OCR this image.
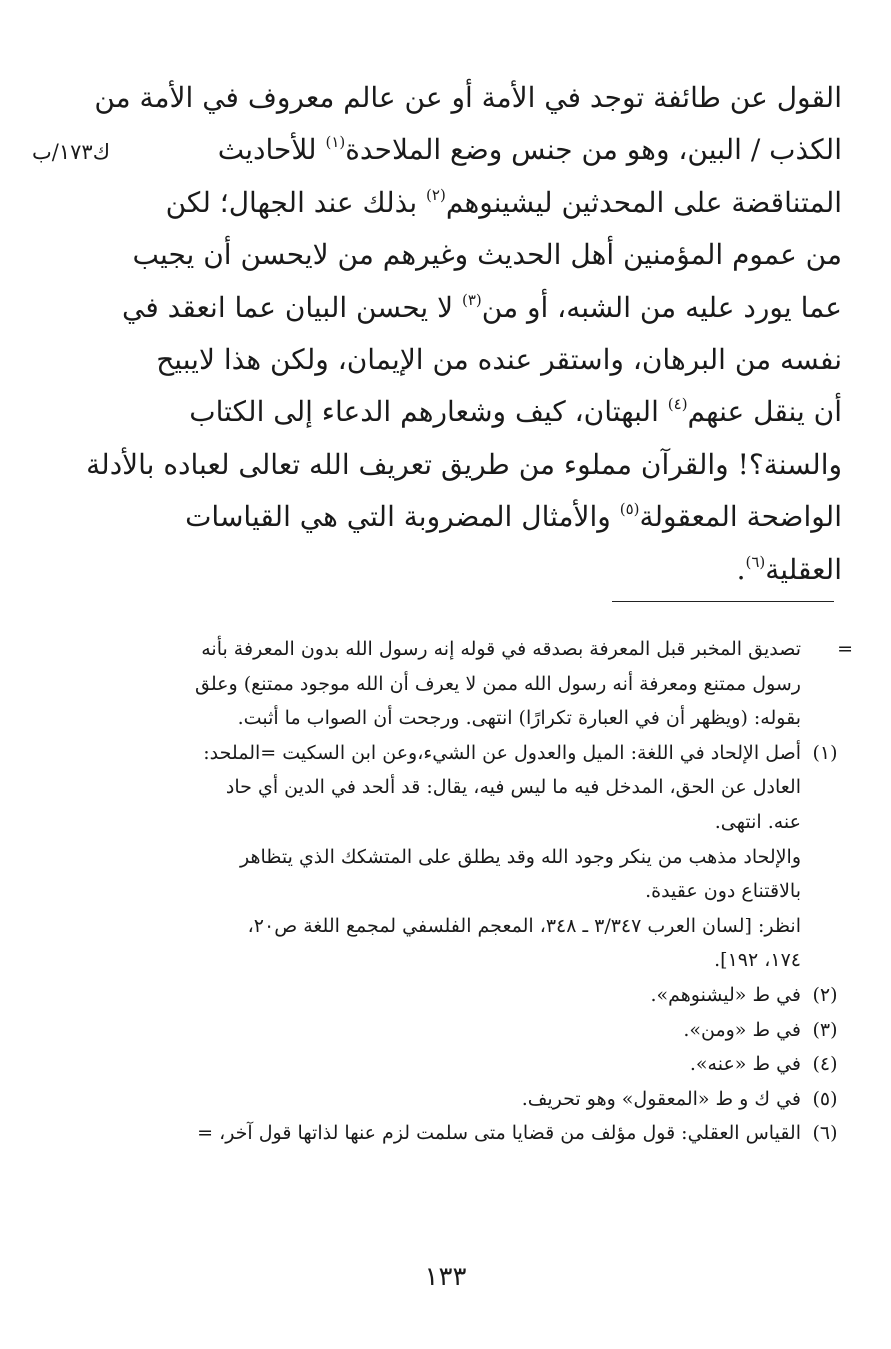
ك١٧٣/ب
القول عن طائفة توجد في الأمة أو عن عالم معروف في الأمة من
الكذب / البين، وهو من جنس وضع الملاحدة$^{(١)}$ للأحاديث
المتناقضة على المحدثين ليشينوهم$^{(٢)}$ بذلك عند الجهال؛ لكن
من عموم المؤمنين أهل الحديث وغيرهم من لايحسن أن يجيب
عما يورد عليه من الشبه، أو من$^{(٣)}$ لا يحسن البيان عما انعقد في
نفسه من البرهان، واستقر عنده من الإيمان، ولكن هذا لايبيح
أن ينقل عنهم$^{(٤)}$ البهتان، كيف وشعارهم الدعاء إلى الكتاب
والسنة؟! والقرآن مملوء من طريق تعريف الله تعالى لعباده بالأدلة
الواضحة المعقولة$^{(٥)}$ والأمثال المضروبة التي هي القياسات
العقلية$^{(٦)}$.
=
تصديق المخبر قبل المعرفة بصدقه في قوله إنه رسول الله بدون المعرفة بأنه
رسول ممتنع ومعرفة أنه رسول الله ممن لا يعرف أن الله موجود ممتنع) وعلق
بقوله: (ويظهر أن في العبارة تكرارًا) انتهى. ورجحت أن الصواب ما أثبت.
(١)
أصل الإلحاد في اللغة: الميل والعدول عن الشيء،وعن ابن السكيت =الملحد:
العادل عن الحق، المدخل فيه ما ليس فيه، يقال: قد ألحد في الدين أي حاد
عنه. انتهى.
والإلحاد مذهب من ينكر وجود الله وقد يطلق على المتشكك الذي يتظاهر
بالاقتناع دون عقيدة.
انظر: [لسان العرب ٣/٣٤٧ ـ ٣٤٨، المعجم الفلسفي لمجمع اللغة ص٢٠،
١٧٤، ١٩٢].
(٢)
في ط «ليشنوهم».
(٣)
في ط «ومن».
(٤)
في ط «عنه».
(٥)
في ك و ط «المعقول» وهو تحريف.
(٦)
القياس العقلي: قول مؤلف من قضايا متى سلمت لزم عنها لذاتها قول آخر، =
١٣٣
